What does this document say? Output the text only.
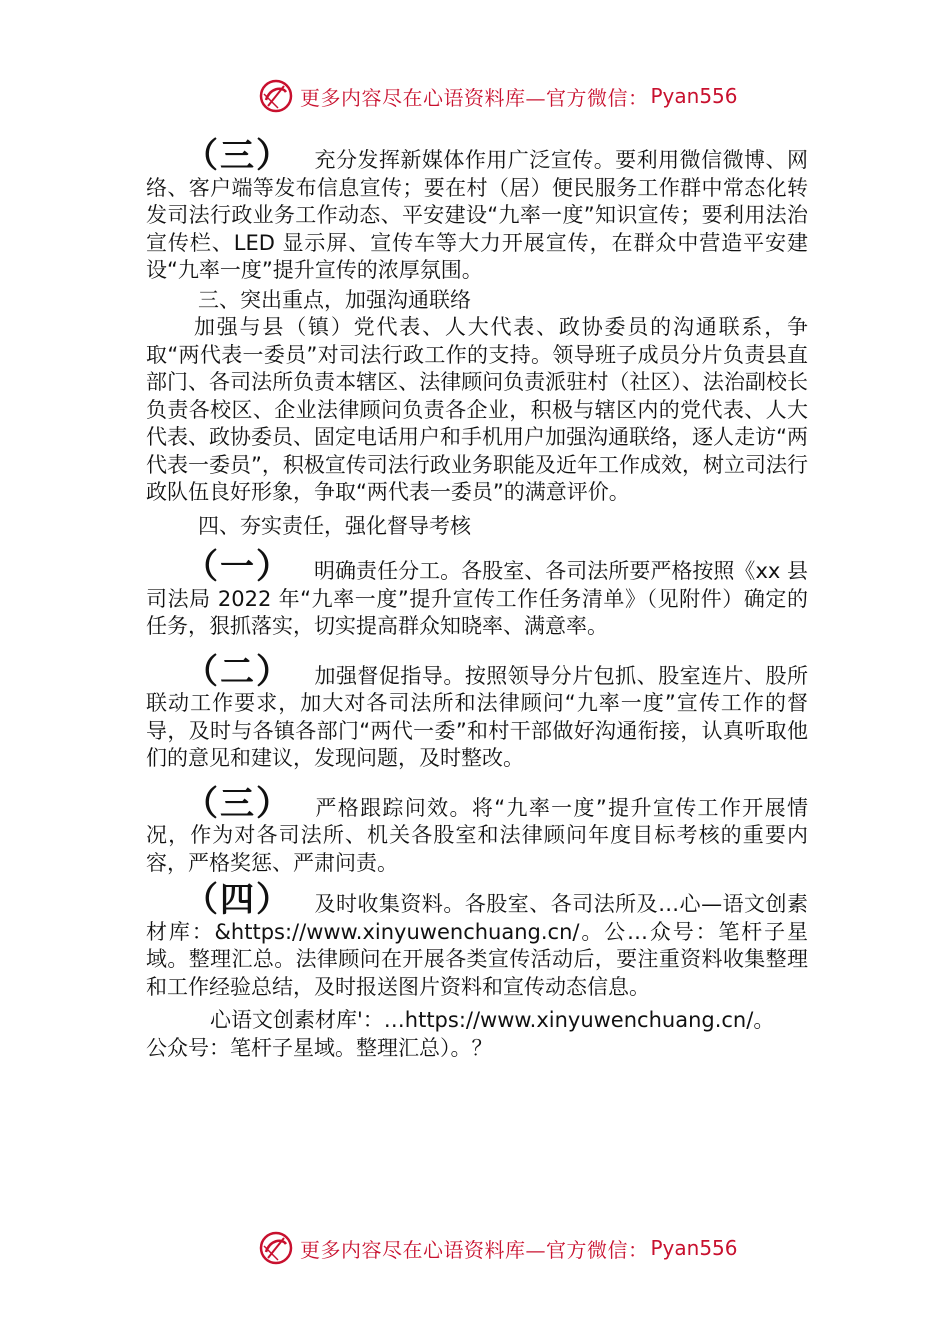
更多内容尽在心语资料库—官方微信： Pyan556

（三） 充分发挥新媒体作用广泛宣传。要利用微信微博、网络、客户端等发布信息宣传；要在村（居）便民服务工作群中常态化转发司法行政业务工作动态、平安建设“九率一度”知识宣传；要利用法治宣传栏、LED 显示屏、宣传车等大力开展宣传，在群众中营造平安建设“九率一度”提升宣传的浓厚氛围。

三、突出重点，加强沟通联络

加强与县（镇）党代表、人大代表、政协委员的沟通联系，争取“两代表一委员”对司法行政工作的支持。领导班子成员分片负责县直部门、各司法所负责本辖区、法律顾问负责派驻村（社区）、法治副校长负责各校区、企业法律顾问负责各企业，积极与辖区内的党代表、人大代表、政协委员、固定电话用户和手机用户加强沟通联络，逐人走访“两代表一委员”，积极宣传司法行政业务职能及近年工作成效，树立司法行政队伍良好形象，争取“两代表一委员”的满意评价。

四、夯实责任，强化督导考核

（一） 明确责任分工。各股室、各司法所要严格按照《xx 县司法局 2022 年“九率一度”提升宣传工作任务清单》（见附件）确定的任务，狠抓落实，切实提高群众知晓率、满意率。

（二） 加强督促指导。按照领导分片包抓、股室连片、股所联动工作要求，加大对各司法所和法律顾问“九率一度”宣传工作的督导，及时与各镇各部门“两代一委”和村干部做好沟通衔接，认真听取他们的意见和建议，发现问题，及时整改。

（三） 严格跟踪问效。将“九率一度”提升宣传工作开展情况，作为对各司法所、机关各股室和法律顾问年度目标考核的重要内容，严格奖惩、严肃问责。

（四） 及时收集资料。各股室、各司法所及…心—语文创素材库：&https://www.xinyuwenchuang.cn/。公…众号：笔杆子星域。整理汇总。法律顾问在开展各类宣传活动后，要注重资料收集整理和工作经验总结，及时报送图片资料和宣传动态信息。

心语文创素材库'：…https://www.xinyuwenchuang.cn/。

公众号：笔杆子星域。整理汇总）。？

更多内容尽在心语资料库—官方微信： Pyan556
